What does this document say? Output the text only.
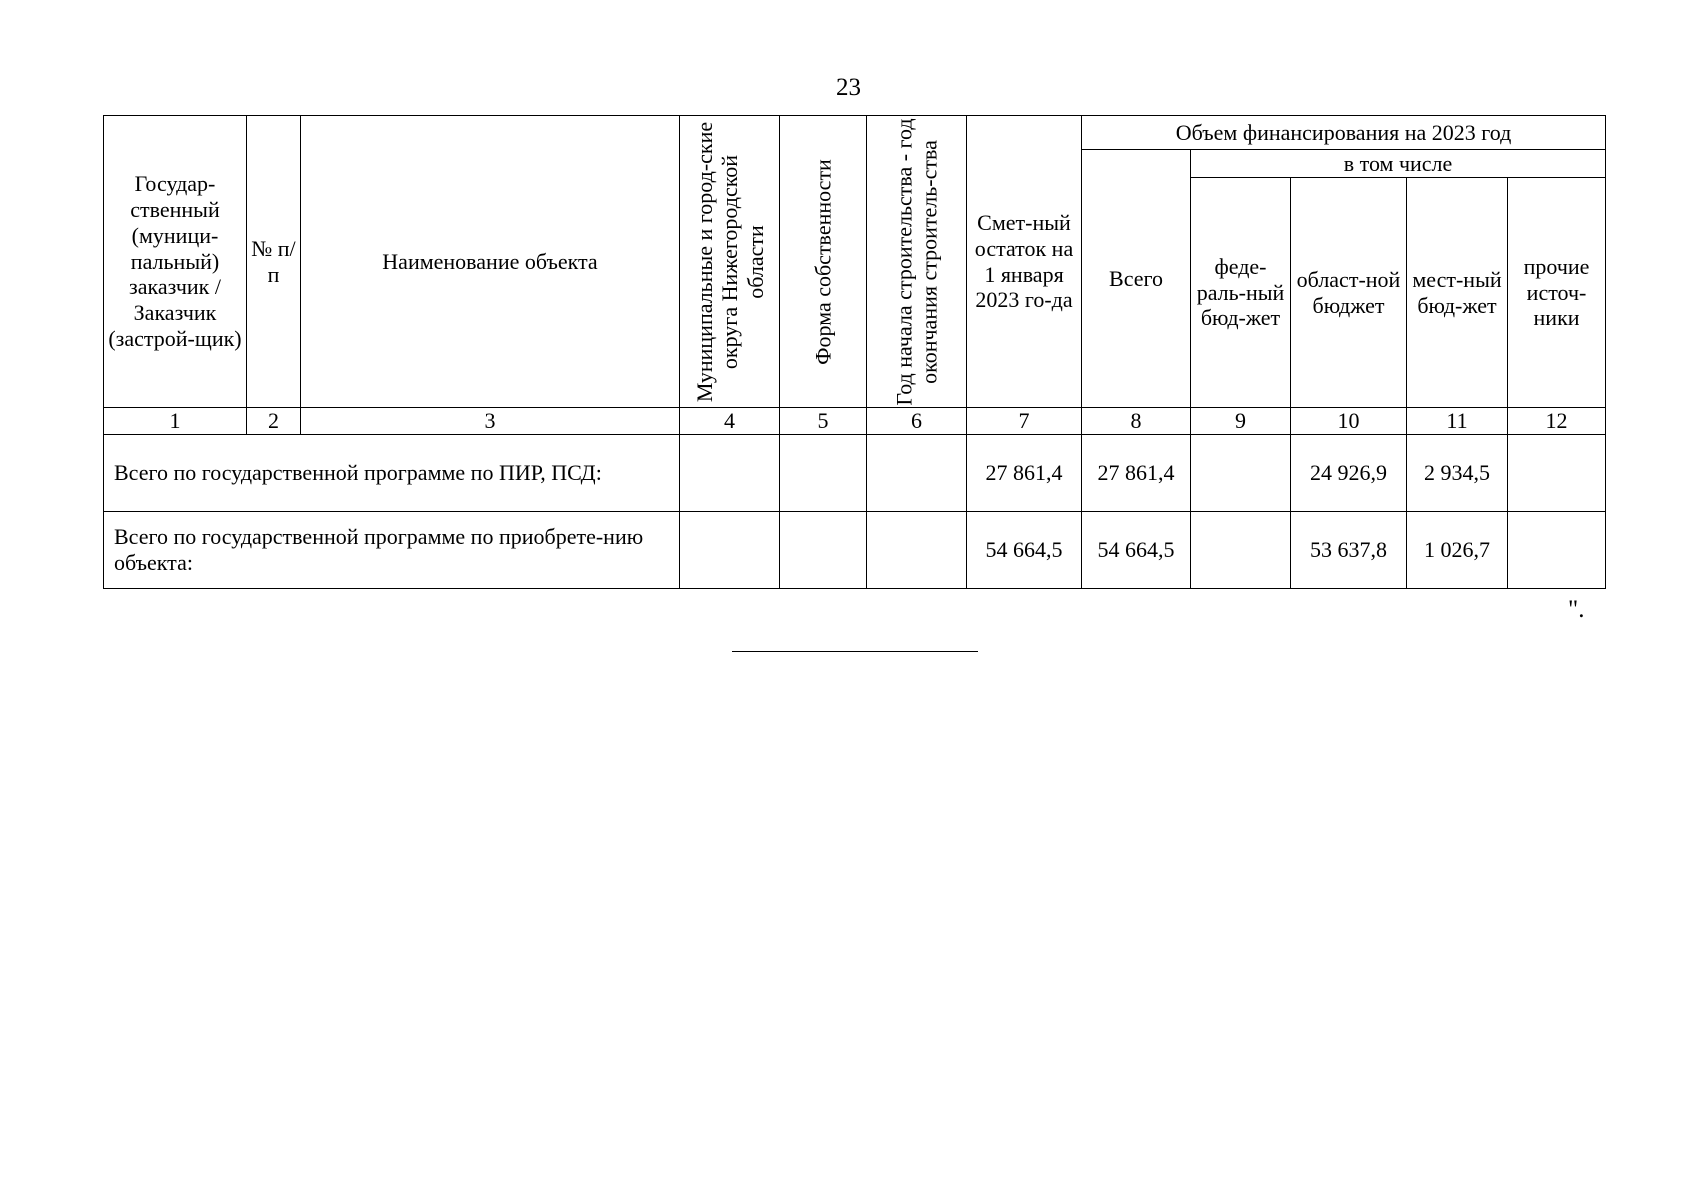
23
Государ-ственный (муници-пальный) заказчик / Заказчик (застрой-щик)	№ п/п	Наименование объекта	Муниципальные и город-ские округа Нижегородской области	Форма собственности	Год начала строительства - год окончания строитель-ства	Смет-ный остаток на 1 января 2023 го-да	Объем финансирования на 2023 год				
							Всего	в том числе			
								феде-раль-ный бюд-жет	област-ной бюджет	мест-ный бюд-жет	прочие источ-ники
1	2	3	4	5	6	7	8	9	10	11	12
Всего по государственной программе по ПИР, ПСД:						27 861,4	27 861,4		24 926,9	2 934,5	
Всего по государственной программе по приобрете-нию объекта:						54 664,5	54 664,5		53 637,8	1 026,7	
".
